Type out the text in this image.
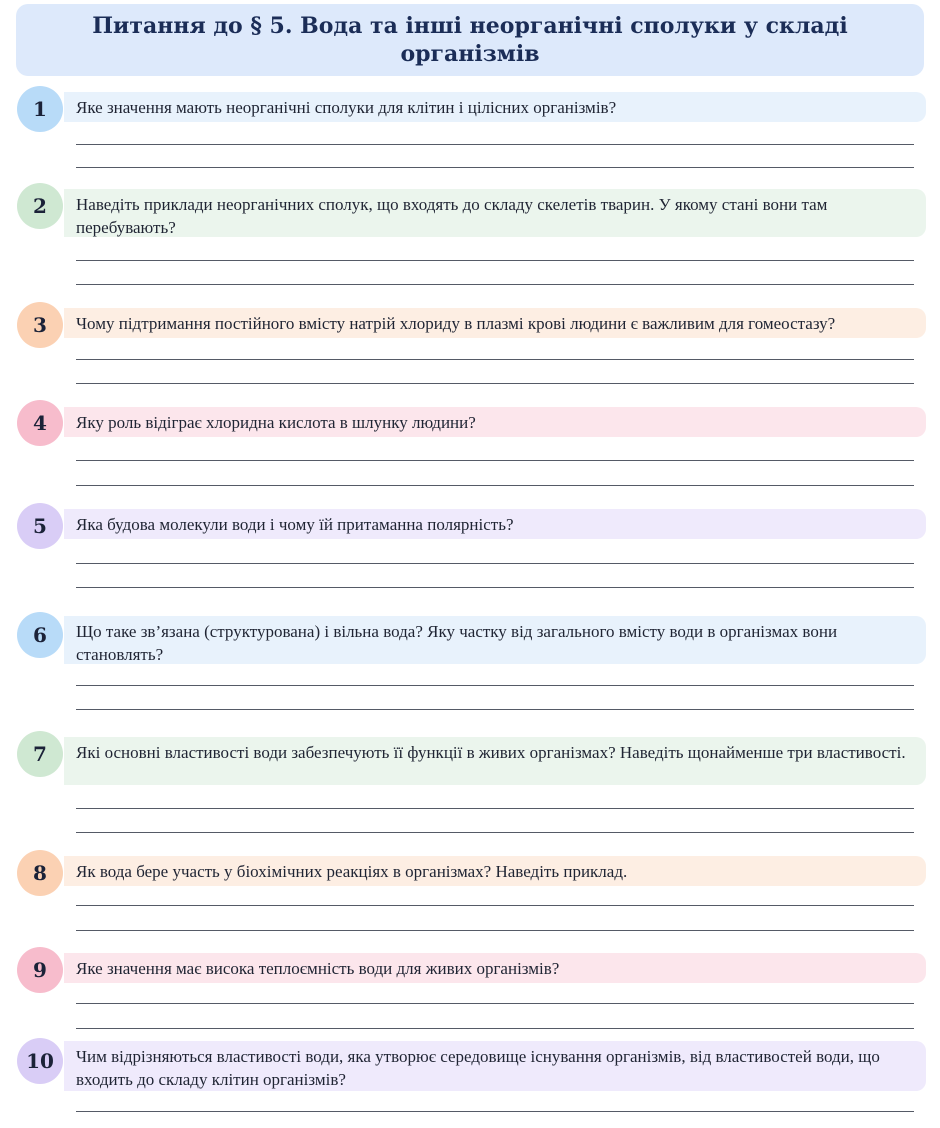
Питання до § 5. Вода та інші неорганічні сполуки у складі
організмів
1	Яке значення мають неорганічні сполуки для клітин і цілісних організмів?
2	Наведіть приклади неорганічних сполук, що входять до складу скелетів тварин. У якому стані вони там перебувають?
3	Чому підтримання постійного вмісту натрій хлориду в плазмі крові людини є важливим для гомеостазу?
4	Яку роль відіграє хлоридна кислота в шлунку людини?
5	Яка будова молекули води і чому їй притаманна полярність?
6	Що таке зв’язана (структурована) і вільна вода? Яку частку від загального вмісту води в організмах вони становлять?
7	Які основні властивості води забезпечують її функції в живих організмах? Наведіть щонайменше три властивості.
8	Як вода бере участь у біохімічних реакціях в організмах? Наведіть приклад.
9	Яке значення має висока теплоємність води для живих організмів?
10	Чим відрізняються властивості води, яка утворює середовище існування організмів, від властивостей води, що входить до складу клітин організмів?
